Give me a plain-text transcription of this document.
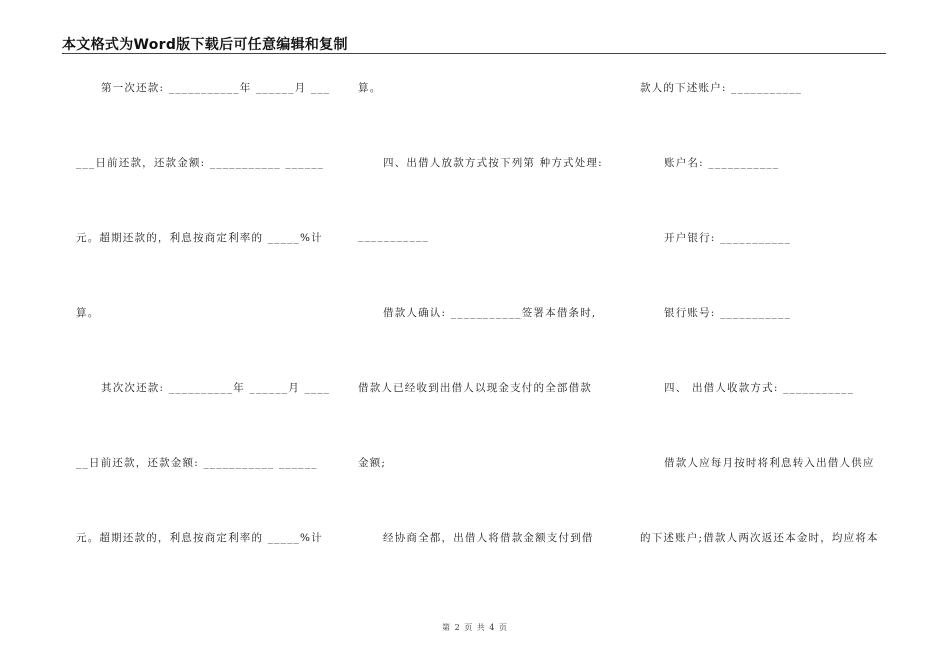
本文格式为Word版下载后可任意编辑和复制
第一次还款: ___________年 ______月 ___
___日前还款，还款金额: ___________ ______
元。超期还款的，利息按商定利率的 _____%计
算。
其次次还款: __________年 ______月 ____
__日前还款，还款金额: ___________ ______
元。超期还款的，利息按商定利率的 _____%计
算。
四、出借人放款方式按下列第 种方式处理:
___________
借款人确认: ___________签署本借条时,
借款人已经收到出借人以现金支付的全部借款
金额;
经协商全都，出借人将借款金额支付到借
款人的下述账户: ___________
账户名: ___________
开户银行: ___________
银行账号: ___________
四、 出借人收款方式: ___________
借款人应每月按时将利息转入出借人供应
的下述账户;借款人两次返还本金时，均应将本
第 2 页 共 4 页
